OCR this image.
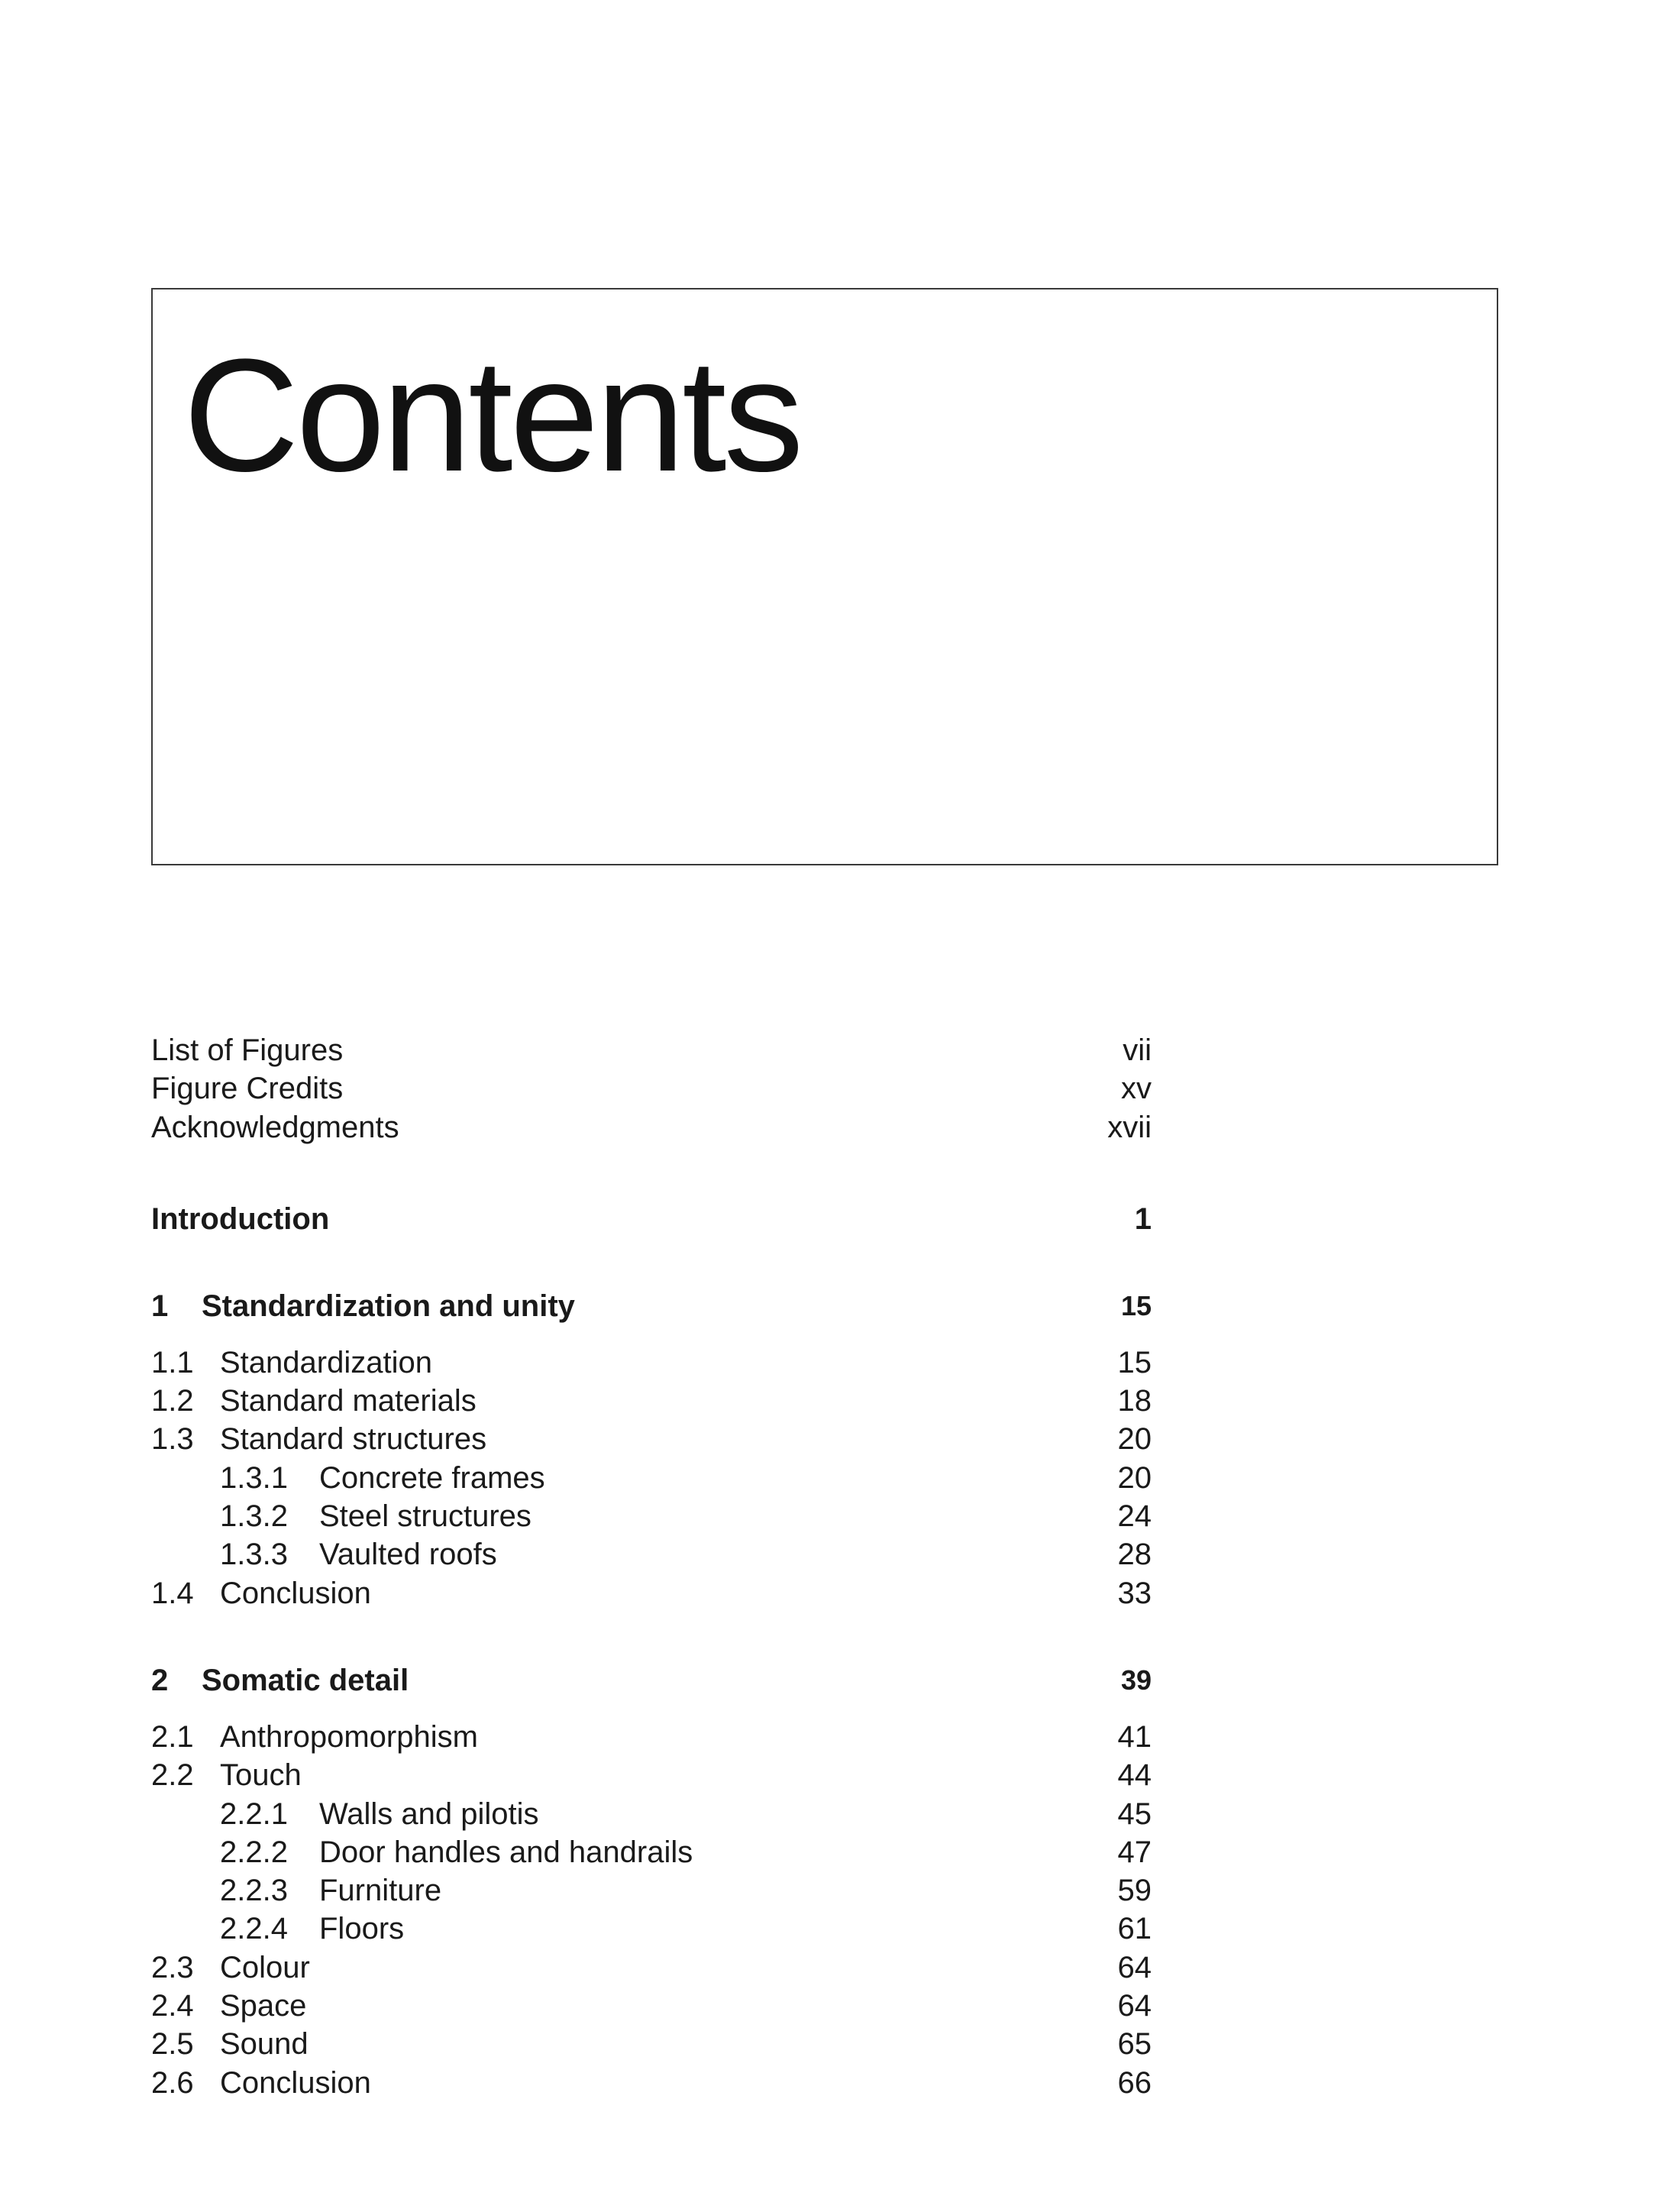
Contents
List of Figures	vii
Figure Credits	xv
Acknowledgments	xvii
Introduction	1
1 Standardization and unity	15
1.1 Standardization	15
1.2 Standard materials	18
1.3 Standard structures	20
1.3.1 Concrete frames	20
1.3.2 Steel structures	24
1.3.3 Vaulted roofs	28
1.4 Conclusion	33
2 Somatic detail	39
2.1 Anthropomorphism	41
2.2 Touch	44
2.2.1 Walls and pilotis	45
2.2.2 Door handles and handrails	47
2.2.3 Furniture	59
2.2.4 Floors	61
2.3 Colour	64
2.4 Space	64
2.5 Sound	65
2.6 Conclusion	66
